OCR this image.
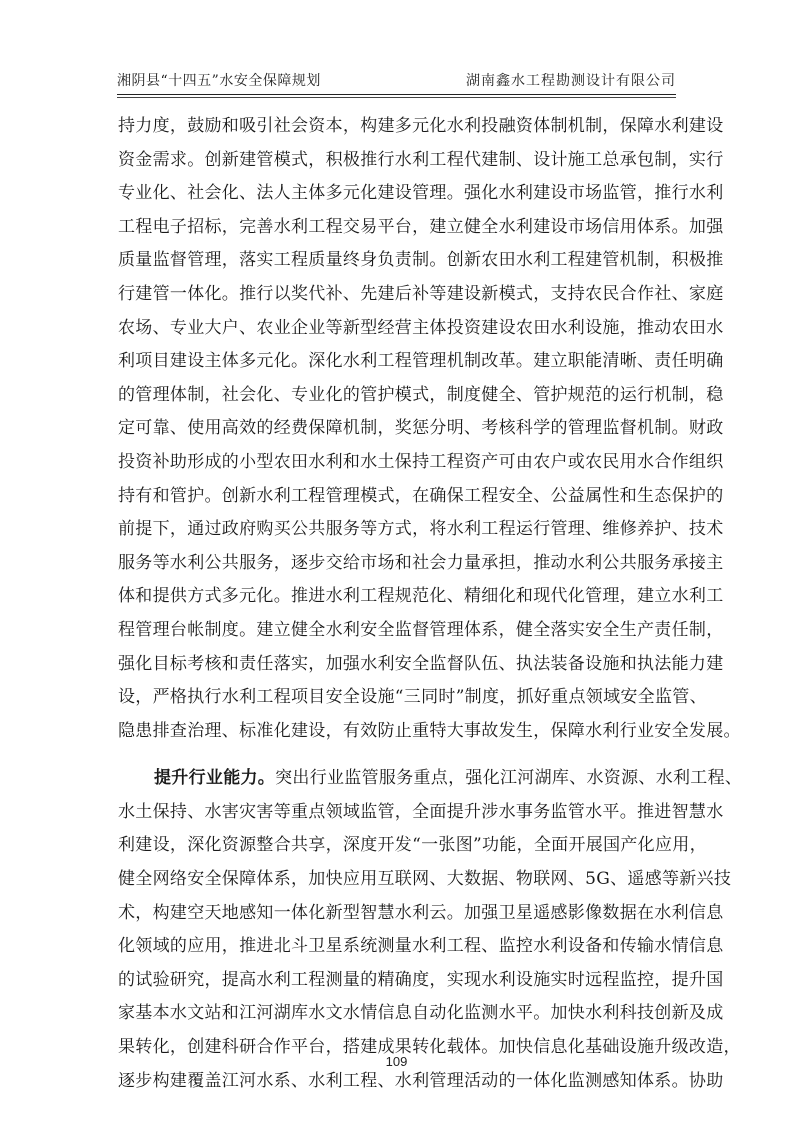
湘阴县“十四五”水安全保障规划	湖南鑫水工程勘测设计有限公司
持力度，鼓励和吸引社会资本，构建多元化水利投融资体制机制，保障水利建设
资金需求。创新建管模式，积极推行水利工程代建制、设计施工总承包制，实行
专业化、社会化、法人主体多元化建设管理。强化水利建设市场监管，推行水利
工程电子招标，完善水利工程交易平台，建立健全水利建设市场信用体系。加强
质量监督管理，落实工程质量终身负责制。创新农田水利工程建管机制，积极推
行建管一体化。推行以奖代补、先建后补等建设新模式，支持农民合作社、家庭
农场、专业大户、农业企业等新型经营主体投资建设农田水利设施，推动农田水
利项目建设主体多元化。深化水利工程管理机制改革。建立职能清晰、责任明确
的管理体制，社会化、专业化的管护模式，制度健全、管护规范的运行机制，稳
定可靠、使用高效的经费保障机制，奖惩分明、考核科学的管理监督机制。财政
投资补助形成的小型农田水利和水土保持工程资产可由农户或农民用水合作组织
持有和管护。创新水利工程管理模式，在确保工程安全、公益属性和生态保护的
前提下，通过政府购买公共服务等方式，将水利工程运行管理、维修养护、技术
服务等水利公共服务，逐步交给市场和社会力量承担，推动水利公共服务承接主
体和提供方式多元化。推进水利工程规范化、精细化和现代化管理，建立水利工
程管理台帐制度。建立健全水利安全监督管理体系，健全落实安全生产责任制，
强化目标考核和责任落实，加强水利安全监督队伍、执法装备设施和执法能力建
设，严格执行水利工程项目安全设施“三同时”制度，抓好重点领域安全监管、
隐患排查治理、标准化建设，有效防止重特大事故发生，保障水利行业安全发展。
提升行业能力。突出行业监管服务重点，强化江河湖库、水资源、水利工程、
水土保持、水害灾害等重点领域监管，全面提升涉水事务监管水平。推进智慧水
利建设，深化资源整合共享，深度开发“一张图”功能，全面开展国产化应用，
健全网络安全保障体系，加快应用互联网、大数据、物联网、5G、遥感等新兴技
术，构建空天地感知一体化新型智慧水利云。加强卫星遥感影像数据在水利信息
化领域的应用，推进北斗卫星系统测量水利工程、监控水利设备和传输水情信息
的试验研究，提高水利工程测量的精确度，实现水利设施实时远程监控，提升国
家基本水文站和江河湖库水文水情信息自动化监测水平。加快水利科技创新及成
果转化，创建科研合作平台，搭建成果转化载体。加快信息化基础设施升级改造，
逐步构建覆盖江河水系、水利工程、水利管理活动的一体化监测感知体系。协助
109
